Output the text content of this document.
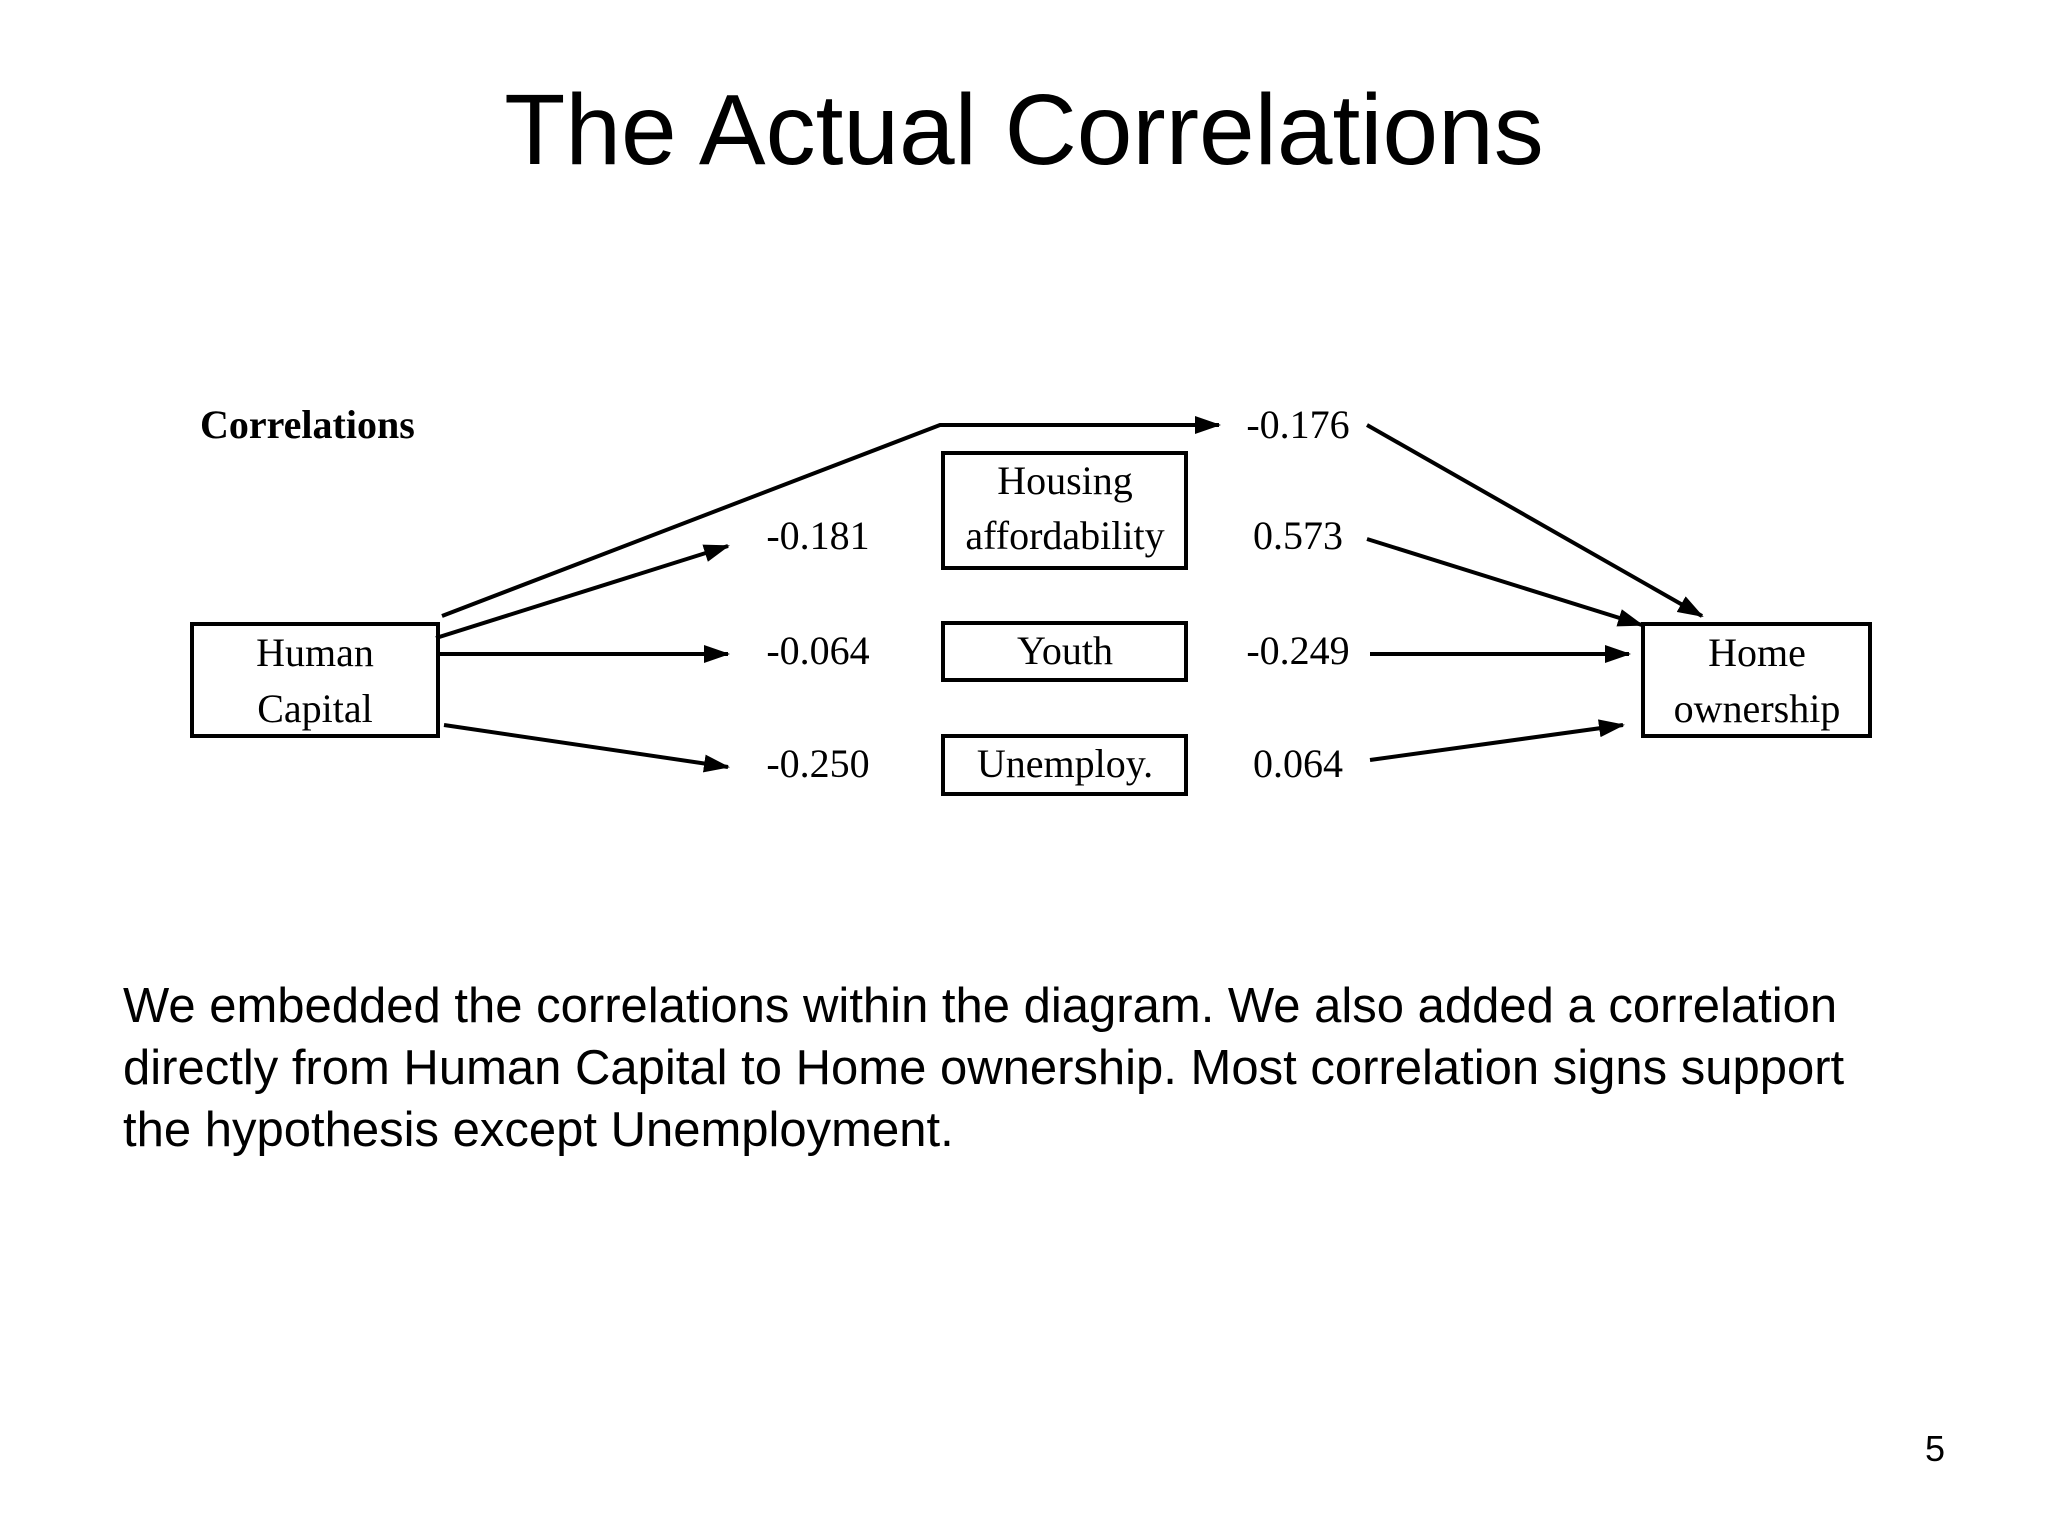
The Actual Correlations
Correlations
Human
Capital
Housing
affordability
Youth
Unemploy.
Home
ownership
-0.181
-0.064
-0.250
-0.176
0.573
-0.249
0.064
We embedded the correlations within the diagram. We also added a correlation
directly from Human Capital to Home ownership. Most correlation signs support
the hypothesis except Unemployment.
5
